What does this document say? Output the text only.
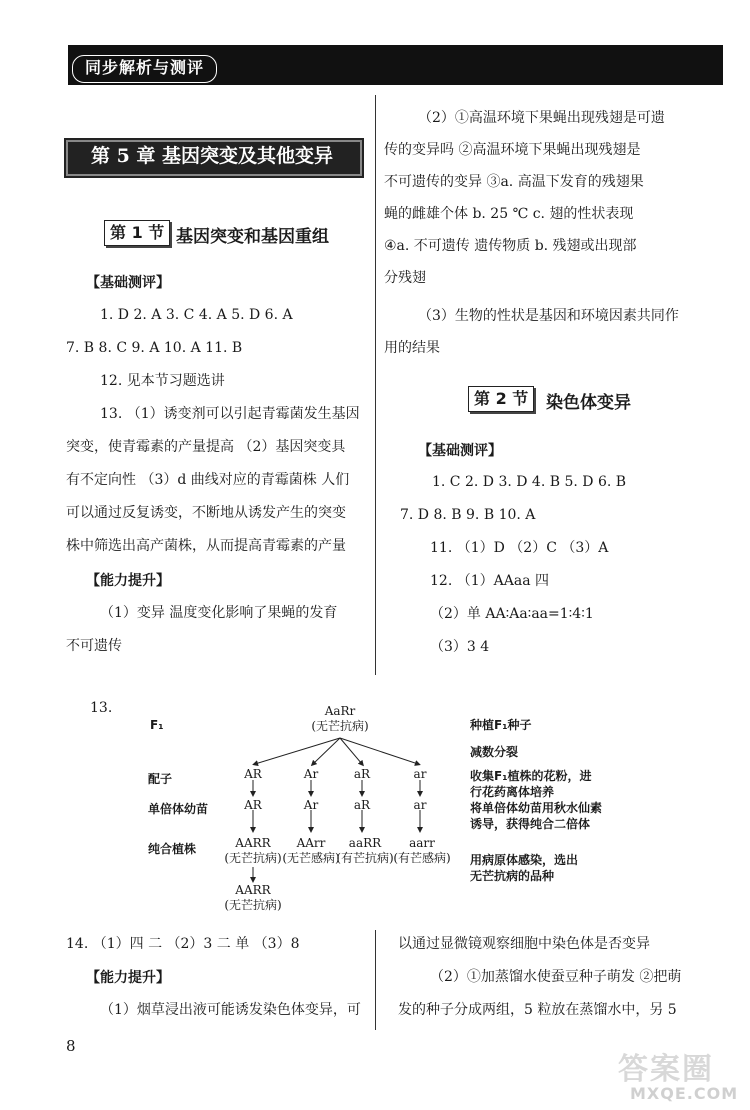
同步解析与测评
第 5 章 基因突变及其他变异
第 1 节 基因突变和基因重组
【基础测评】
1. D 2. A 3. C 4. A 5. D 6. A
7. B 8. C 9. A 10. A 11. B
12. 见本节习题选讲
13. （1）诱变剂可以引起青霉菌发生基因
突变，使青霉素的产量提高 （2）基因突变具
有不定向性 （3）d 曲线对应的青霉菌株 人们
可以通过反复诱变，不断地从诱发产生的突变
株中筛选出高产菌株，从而提高青霉素的产量
【能力提升】
（1）变异 温度变化影响了果蝇的发育
不可遗传
（2）①高温环境下果蝇出现残翅是可遗
传的变异吗 ②高温环境下果蝇出现残翅是
不可遗传的变异 ③a. 高温下发育的残翅果
蝇的雌雄个体 b. 25 ℃ c. 翅的性状表现
④a. 不可遗传 遗传物质 b. 残翅或出现部
分残翅
（3）生物的性状是基因和环境因素共同作
用的结果
第 2 节	染色体变异
【基础测评】
1. C 2. D 3. D 4. B 5. D 6. B
7. D 8. B 9. B 10. A
11. （1）D （2）C （3）A
12. （1）AAaa 四
（2）单 AA∶Aa∶aa=1∶4∶1
（3）3 4
13.
F₁
配子
单倍体幼苗
纯合植株
AaRr
(无芒抗病)
AR	Ar	aR	ar
AR	Ar	aR	ar
AARR	AArr	aaRR	aarr
(无芒抗病) (无芒感病)
(有芒抗病) (有芒感病)
AARR
(无芒抗病)
种植F₁种子
减数分裂
收集F₁植株的花粉，进
行花药离体培养
将单倍体幼苗用秋水仙素
诱导，获得纯合二倍体
用病原体感染，选出
无芒抗病的品种
14. （1）四 二 （2）3 二 单 （3）8
【能力提升】
（1）烟草浸出液可能诱发染色体变异，可
以通过显微镜观察细胞中染色体是否变异
（2）①加蒸馏水使蚕豆种子萌发 ②把萌
发的种子分成两组，5 粒放在蒸馏水中，另 5
8
答案圈
MXQE.COM
